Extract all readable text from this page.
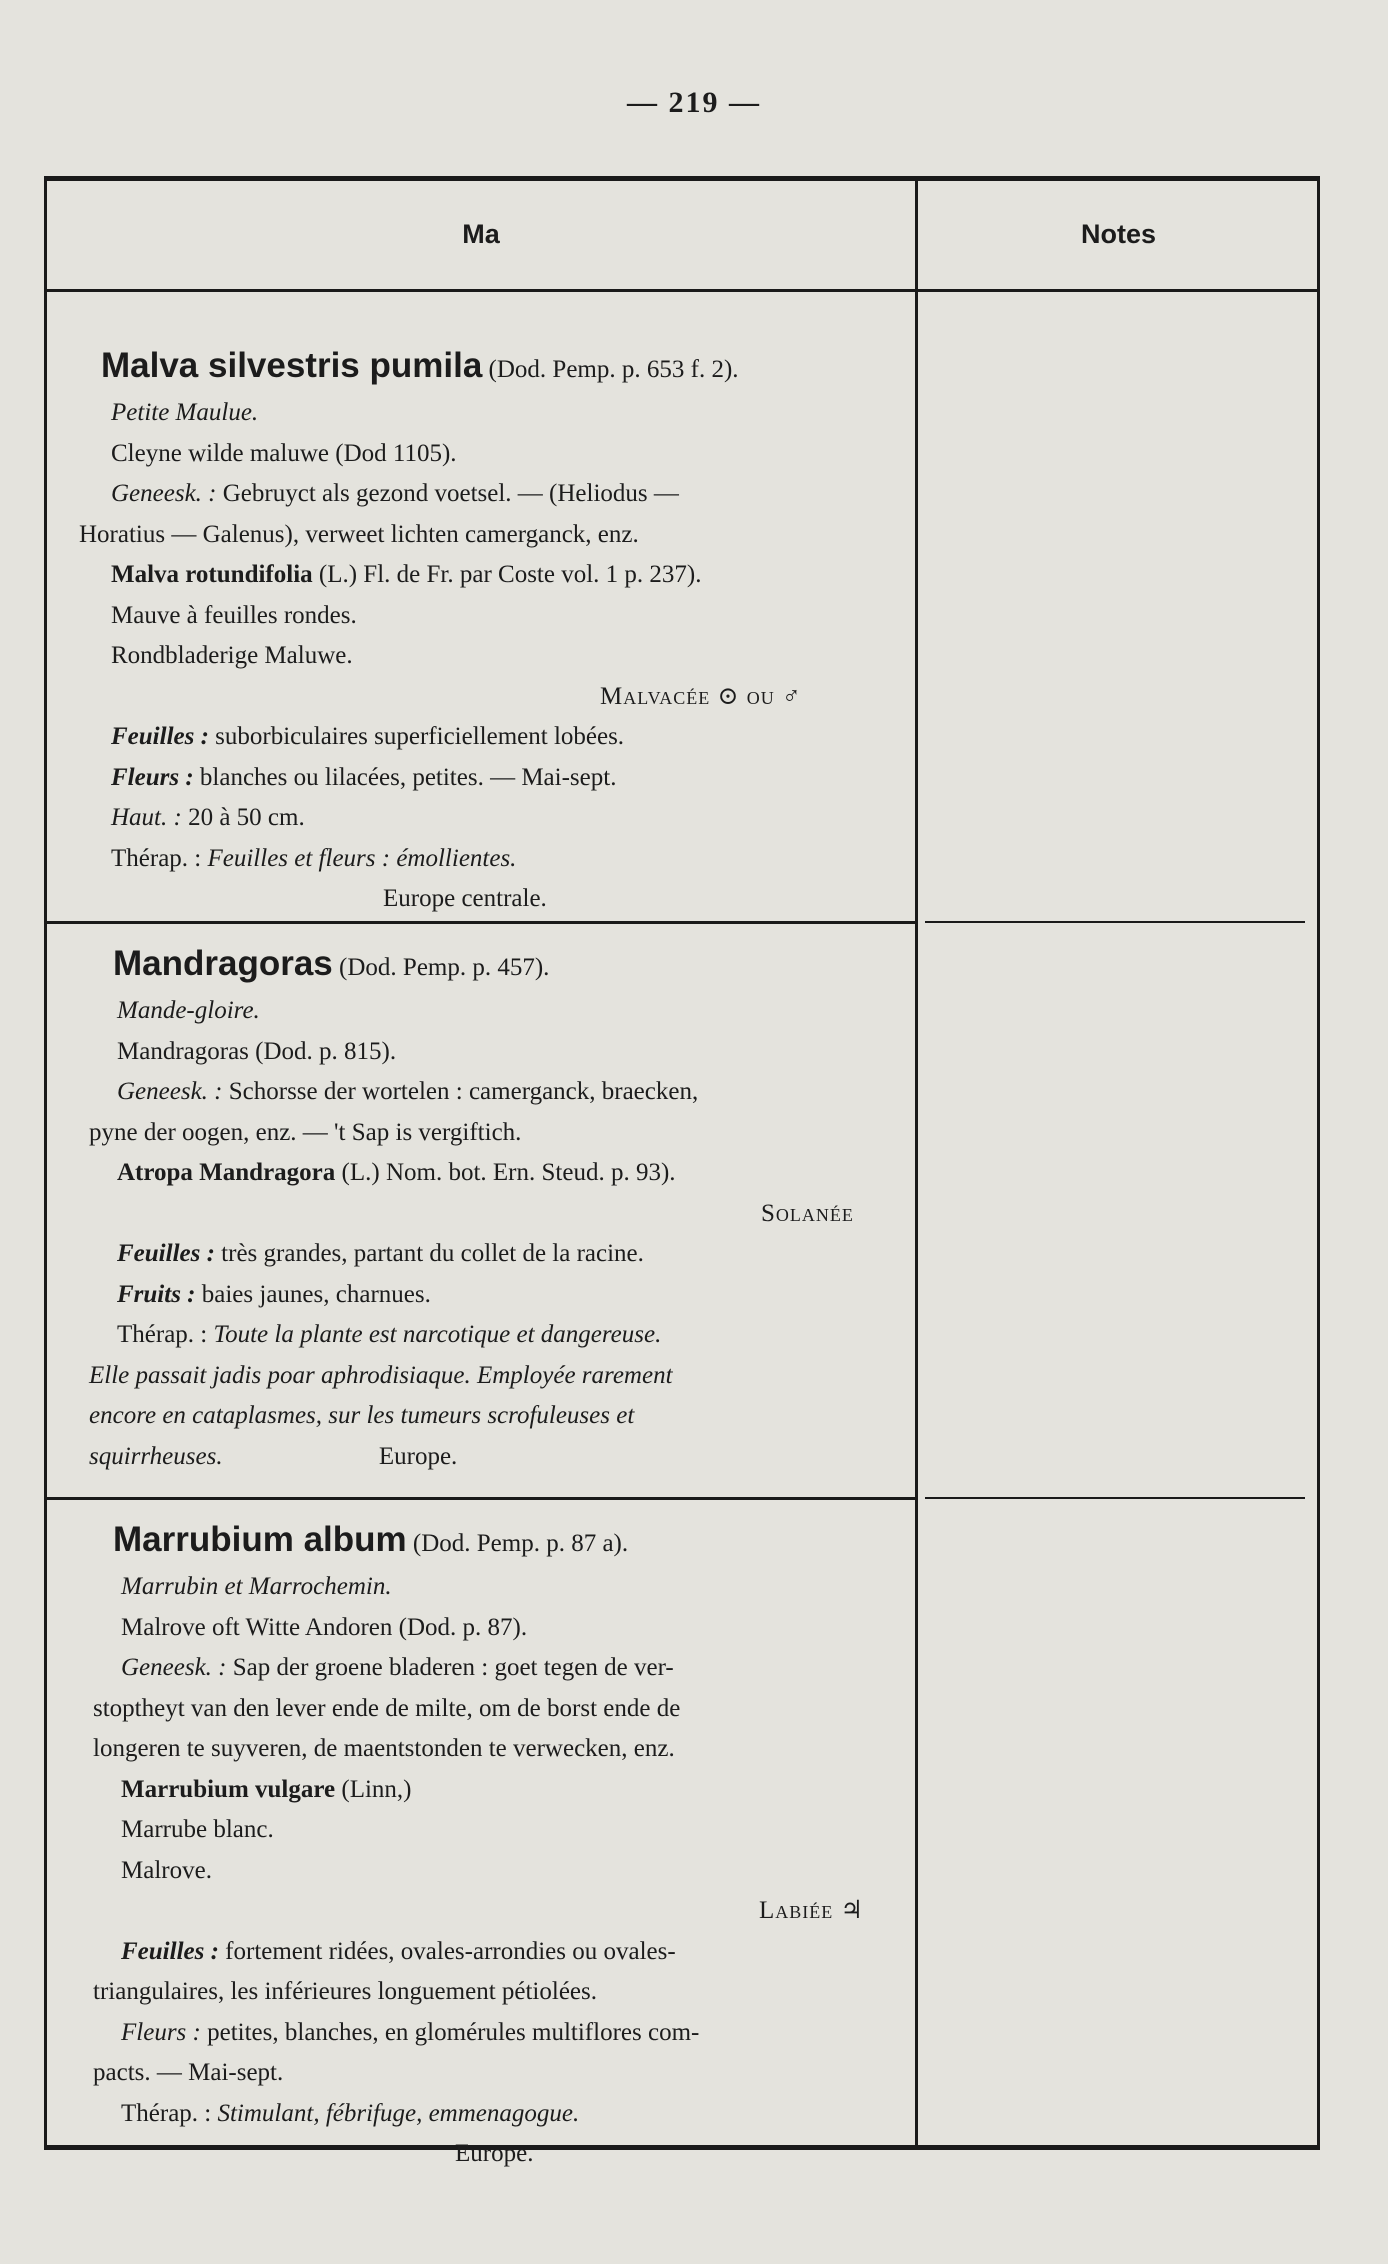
— 219 —
Ma	Notes
Malva silvestris pumila (Dod. Pemp. p. 653 f. 2).
Petite Maulue.
Cleyne wilde maluwe (Dod 1105).
Geneesk. : Gebruyct als gezond voetsel. — (Heliodus —
Horatius — Galenus), verweet lichten camerganck, enz.
Malva rotundifolia (L.) Fl. de Fr. par Coste vol. 1 p. 237).
Mauve à feuilles rondes.
Rondbladerige Maluwe.
Malvacée ⊙ ou ♂
Feuilles : suborbiculaires superficiellement lobées.
Fleurs : blanches ou lilacées, petites. — Mai-sept.
Haut. : 20 à 50 cm.
Thérap. : Feuilles et fleurs : émollientes.
Europe centrale.
Mandragoras (Dod. Pemp. p. 457).
Mande-gloire.
Mandragoras (Dod. p. 815).
Geneesk. : Schorsse der wortelen : camerganck, braecken,
pyne der oogen, enz. — 't Sap is vergiftich.
Atropa Mandragora (L.) Nom. bot. Ern. Steud. p. 93).
Solanée
Feuilles : très grandes, partant du collet de la racine.
Fruits : baies jaunes, charnues.
Thérap. : Toute la plante est narcotique et dangereuse.
Elle passait jadis poar aphrodisiaque. Employée rarement
encore en cataplasmes, sur les tumeurs scrofuleuses et
squirrheuses.	Europe.
Marrubium album (Dod. Pemp. p. 87 a).
Marrubin et Marrochemin.
Malrove oft Witte Andoren (Dod. p. 87).
Geneesk. : Sap der groene bladeren : goet tegen de ver-
stoptheyt van den lever ende de milte, om de borst ende de
longeren te suyveren, de maentstonden te verwecken, enz.
Marrubium vulgare (Linn,)
Marrube blanc.
Malrove.
Labiée ♃
Feuilles : fortement ridées, ovales-arrondies ou ovales-
triangulaires, les inférieures longuement pétiolées.
Fleurs : petites, blanches, en glomérules multiflores com-
pacts. — Mai-sept.
Thérap. : Stimulant, fébrifuge, emmenagogue.
Europe.
